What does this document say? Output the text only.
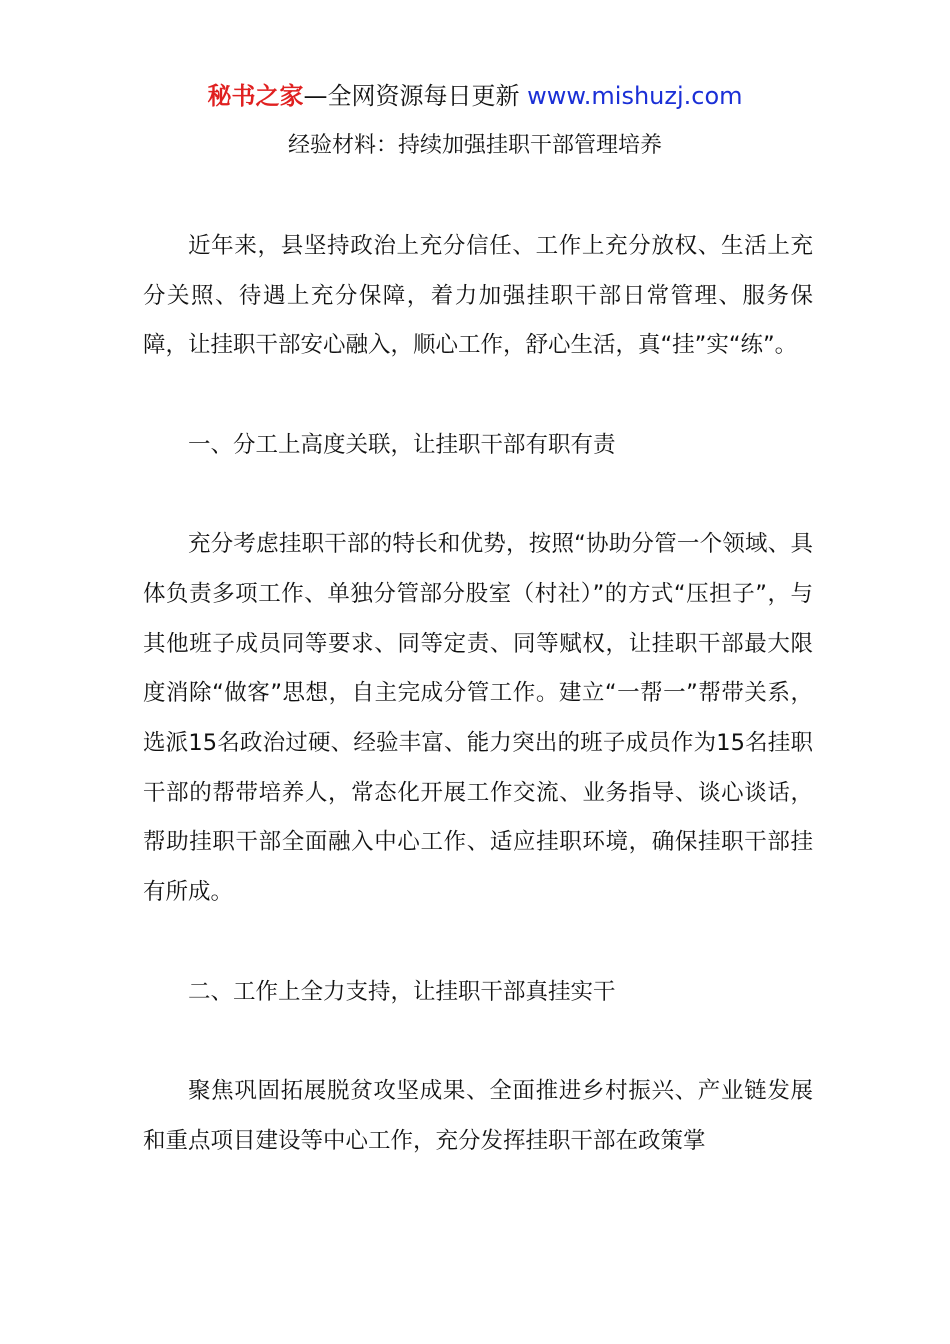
秘书之家—全网资源每日更新 www.mishuzj.com
经验材料：持续加强挂职干部管理培养

近年来，县坚持政治上充分信任、工作上充分放权、生活上充分关照、待遇上充分保障，着力加强挂职干部日常管理、服务保障，让挂职干部安心融入，顺心工作，舒心生活，真“挂”实“练”。

一、分工上高度关联，让挂职干部有职有责

充分考虑挂职干部的特长和优势，按照“协助分管一个领域、具体负责多项工作、单独分管部分股室（村社）”的方式“压担子”，与其他班子成员同等要求、同等定责、同等赋权，让挂职干部最大限度消除“做客”思想，自主完成分管工作。建立“一帮一”帮带关系，选派15名政治过硬、经验丰富、能力突出的班子成员作为15名挂职干部的帮带培养人，常态化开展工作交流、业务指导、谈心谈话，帮助挂职干部全面融入中心工作、适应挂职环境，确保挂职干部挂有所成。

二、工作上全力支持，让挂职干部真挂实干

聚焦巩固拓展脱贫攻坚成果、全面推进乡村振兴、产业链发展和重点项目建设等中心工作，充分发挥挂职干部在政策掌
